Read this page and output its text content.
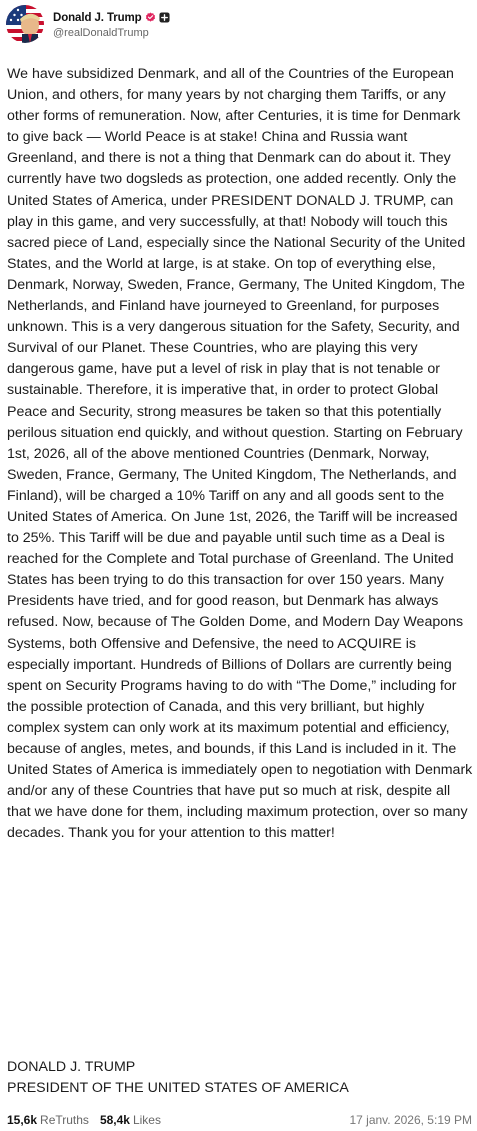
Donald J. Trump
@realDonaldTrump

We have subsidized Denmark, and all of the Countries of the European Union, and others, for many years by not charging them Tariffs, or any other forms of remuneration. Now, after Centuries, it is time for Denmark to give back — World Peace is at stake! China and Russia want Greenland, and there is not a thing that Denmark can do about it. They currently have two dogsleds as protection, one added recently. Only the United States of America, under PRESIDENT DONALD J. TRUMP, can play in this game, and very successfully, at that! Nobody will touch this sacred piece of Land, especially since the National Security of the United States, and the World at large, is at stake. On top of everything else, Denmark, Norway, Sweden, France, Germany, The United Kingdom, The Netherlands, and Finland have journeyed to Greenland, for purposes unknown. This is a very dangerous situation for the Safety, Security, and Survival of our Planet. These Countries, who are playing this very dangerous game, have put a level of risk in play that is not tenable or sustainable. Therefore, it is imperative that, in order to protect Global Peace and Security, strong measures be taken so that this potentially perilous situation end quickly, and without question. Starting on February 1st, 2026, all of the above mentioned Countries (Denmark, Norway, Sweden, France, Germany, The United Kingdom, The Netherlands, and Finland), will be charged a 10% Tariff on any and all goods sent to the United States of America. On June 1st, 2026, the Tariff will be increased to 25%. This Tariff will be due and payable until such time as a Deal is reached for the Complete and Total purchase of Greenland. The United States has been trying to do this transaction for over 150 years. Many Presidents have tried, and for good reason, but Denmark has always refused. Now, because of The Golden Dome, and Modern Day Weapons Systems, both Offensive and Defensive, the need to ACQUIRE is especially important. Hundreds of Billions of Dollars are currently being spent on Security Programs having to do with “The Dome,” including for the possible protection of Canada, and this very brilliant, but highly complex system can only work at its maximum potential and efficiency, because of angles, metes, and bounds, if this Land is included in it. The United States of America is immediately open to negotiation with Denmark and/or any of these Countries that have put so much at risk, despite all that we have done for them, including maximum protection, over so many decades. Thank you for your attention to this matter!

DONALD J. TRUMP
PRESIDENT OF THE UNITED STATES OF AMERICA
15,6k ReTruths 58,4k Likes	17 janv. 2026, 5:19 PM
